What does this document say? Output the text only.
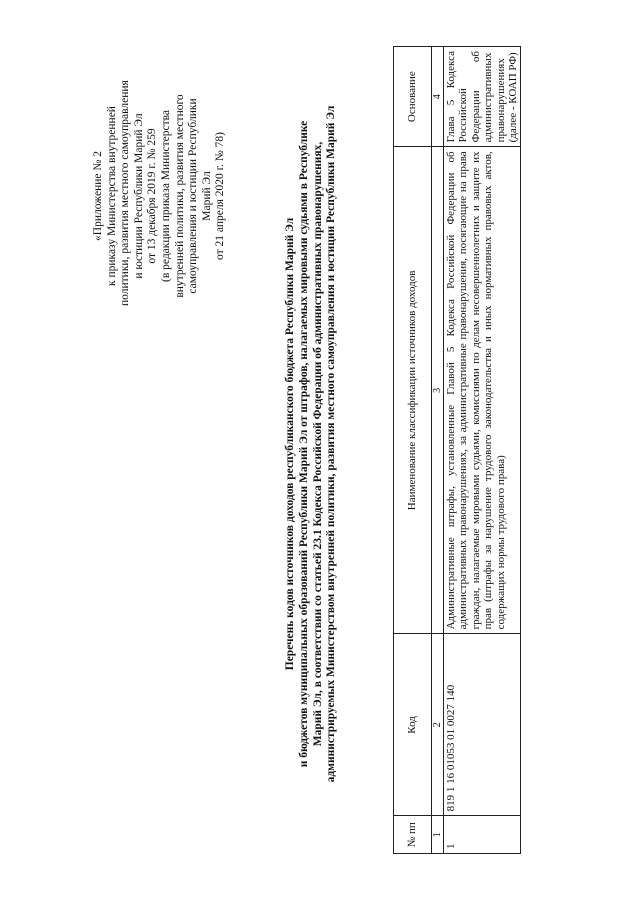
«Приложение № 2 к приказу Министерства внутренней политики, развития местного самоуправления и юстиции Республики Марий Эл от 13 декабря 2019 г. № 259 (в редакции приказа Министерства внутренней политики, развития местного самоуправления и юстиции Республики Марий Эл от 21 апреля 2020 г. № 78)
Перечень кодов источников доходов республиканского бюджета Республики Марий Эл и бюджетов муниципальных образований Республики Марий Эл от штрафов, налагаемых мировыми судьями в Республике Марий Эл, в соответствии со статьей 23.1 Кодекса Российской Федерации об административных правонарушениях, администрируемых Министерством внутренней политики, развития местного самоуправления и юстиции Республики Марий Эл
№ пп	Код	Наименование классификации источников доходов	Основание
1	2	3	4
1	819 1 16 01053 01 0027 140	Административные штрафы, установленные Главой 5 Кодекса Российской Федерации об административных правонарушениях, за административные правонарушения, посягающие на права граждан, налагаемые мировыми судьями, комиссиями по делам несовершеннолетних и защите их прав (штрафы за нарушение трудового законодательства и иных нормативных правовых актов, содержащих нормы трудового права)	Глава 5 Кодекса Российской Федерации об административных правонарушениях (далее - КОАП РФ)
